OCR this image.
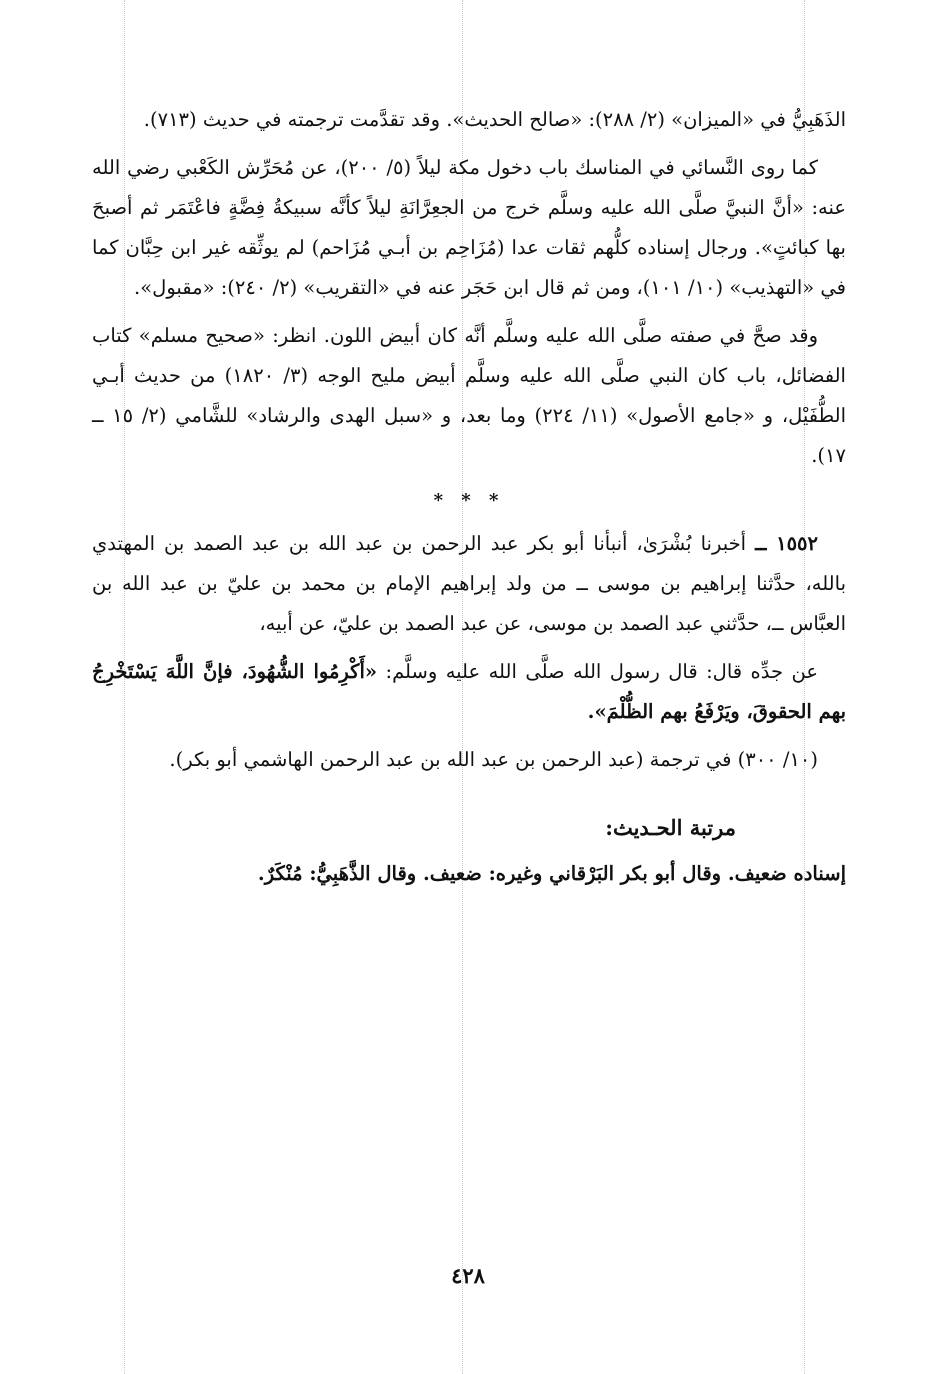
الذَهَبِيُّ في «الميزان» (٢/ ٢٨٨): «صالح الحديث». وقد تقدَّمت ترجمته في حديث (٧١٣).

كما روى النَّسائي في المناسك باب دخول مكة ليلاً (٥/ ٢٠٠)، عن مُحَرِّش الكَعْبي رضي الله عنه: «أنَّ النبيَّ صلَّى الله عليه وسلَّم خرج من الجعِرَّانَةِ ليلاً كأنَّه سبيكةُ فِضَّةٍ فاعْتَمَر ثم أصبحَ بها كبائتٍ». ورجال إسناده كلُّهم ثقات عدا (مُزَاحِم بن أبـي مُزَاحم) لم يوثِّقه غير ابن حِبَّان كما في «التهذيب» (١٠/ ١٠١)، ومن ثم قال ابن حَجَر عنه في «التقريب» (٢/ ٢٤٠): «مقبول».

وقد صحَّ في صفته صلَّى الله عليه وسلَّم أنَّه كان أبيض اللون. انظر: «صحيح مسلم» كتاب الفضائل، باب كان النبي صلَّى الله عليه وسلَّم أبيض مليح الوجه (٣/ ١٨٢٠) من حديث أبـي الطُّفَيْل، و «جامع الأصول» (١١/ ٢٢٤) وما بعد، و «سبل الهدى والرشاد» للشَّامي (٢/ ١٥ ــ ١٧).

* * *

١٥٥٢ ــ أخبرنا بُشْرَىٰ، أنبأنا أبو بكر عبد الرحمن بن عبد الله بن عبد الصمد بن المهتدي بالله، حدَّثنا إبراهيم بن موسى ــ من ولد إبراهيم الإمام بن محمد بن عليّ بن عبد الله بن العبَّاس ــ، حدَّثني عبد الصمد بن موسى، عن عبد الصمد بن عليّ، عن أبيه،

عن جدِّه قال: قال رسول الله صلَّى الله عليه وسلَّم: «أَكْرِمُوا الشُّهُودَ، فإنَّ اللَّهَ يَسْتَخْرِجُ بهم الحقوقَ، ويَرْفَعُ بهم الظُّلْمَ».

(١٠/ ٣٠٠) في ترجمة (عبد الرحمن بن عبد الله بن عبد الرحمن الهاشمي أبو بكر).

مرتبة الحـديث:

إسناده ضعيف. وقال أبو بكر البَرْقاني وغيره: ضعيف. وقال الذَّهَبِيُّ: مُنْكَرٌ.

٤٢٨
